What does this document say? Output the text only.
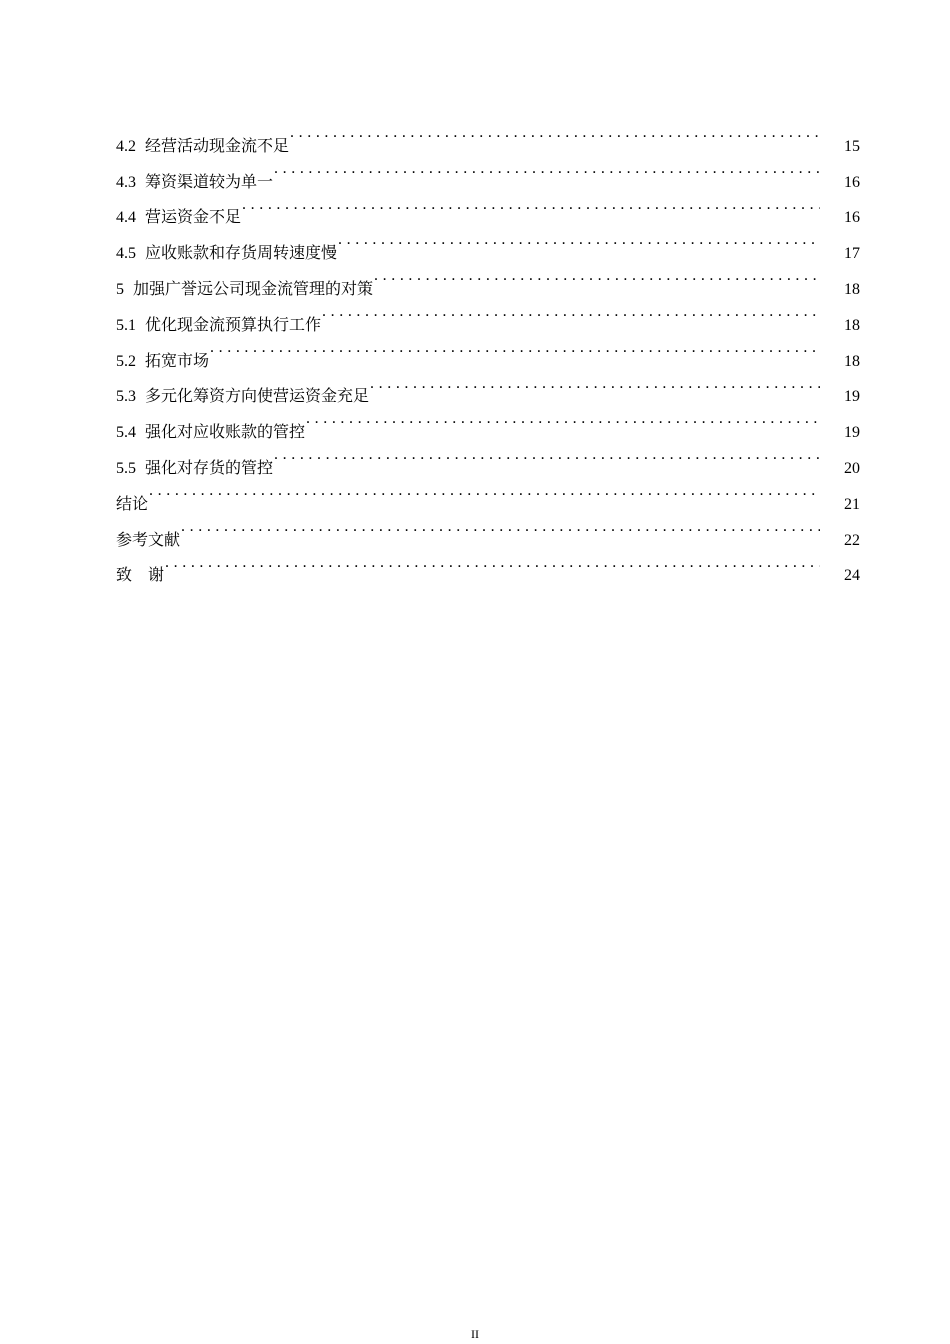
4.2 经营活动现金流不足 . . .	15
4.3 筹资渠道较为单一 . . .	16
4.4 营运资金不足 . . .	16
4.5 应收账款和存货周转速度慢 . . .	17
5 加强广誉远公司现金流管理的对策 . . .	18
5.1 优化现金流预算执行工作 . . .	18
5.2 拓宽市场 . . .	18
5.3 多元化筹资方向使营运资金充足 . . .	19
5.4 强化对应收账款的管控 . . .	19
5.5 强化对存货的管控 . . .	20
结论 . . .	21
参考文献 . . .	22
致　谢 . . .	24
II
